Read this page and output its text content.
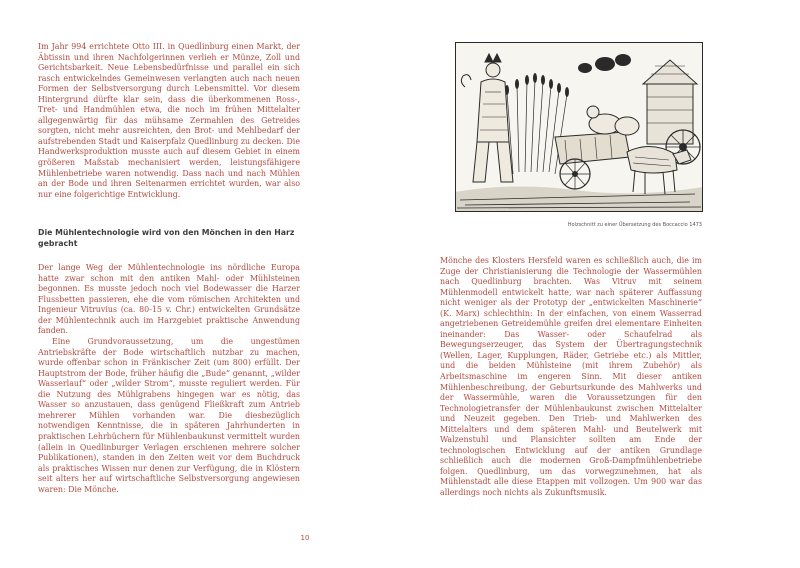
Im Jahr 994 errichtete Otto III. in Quedlinburg einen Markt, der Äbtissin und ihren Nachfolgerinnen verlieh er Münze, Zoll und Gerichtsbarkeit. Neue Lebensbedürfnisse und parallel ein sich rasch entwickelndes Gemeinwesen verlangten auch nach neuen Formen der Selbstversorgung durch Lebensmittel. Vor diesem Hintergrund dürfte klar sein, dass die überkommenen Ross-, Tret- und Handmühlen etwa, die noch im frühen Mittelalter allgegenwärtig für das mühsame Zermahlen des Getreides sorgten, nicht mehr ausreichten, den Brot- und Mehlbedarf der aufstrebenden Stadt und Kaiserpfalz Quedlinburg zu decken. Die Handwerksproduktion musste auch auf diesem Gebiet in einem größeren Maßstab mechanisiert werden, leistungsfähigere Mühlenbetriebe waren notwendig. Dass nach und nach Mühlen an der Bode und ihren Seitenarmen errichtet wurden, war also nur eine folgerichtige Entwicklung.

Die Mühlentechnologie wird von den Mönchen in den Harz gebracht

Der lange Weg der Mühlentechnologie ins nördliche Europa hatte zwar schon mit den antiken Mahl- oder Mühlsteinen begonnen. Es musste jedoch noch viel Bodewasser die Harzer Flussbetten passieren, ehe die vom römischen Architekten und Ingenieur Vitruvius (ca. 80-15 v. Chr.) entwickelten Grundsätze der Mühlentechnik auch im Harzgebiet praktische Anwendung fanden.

Eine Grundvoraussetzung, um die ungestümen Antriebskräfte der Bode wirtschaftlich nutzbar zu machen, wurde offenbar schon in Fränkischer Zeit (um 800) erfüllt. Der Hauptstrom der Bode, früher häufig die „Bude“ genannt, „wilder Wasserlauf“ oder „wilder Strom“, musste reguliert werden. Für die Nutzung des Mühlgrabens hingegen war es nötig, das Wasser so anzustauen, dass genügend Fließkraft zum Antrieb mehrerer Mühlen vorhanden war. Die diesbezüglich notwendigen Kenntnisse, die in späteren Jahrhunderten in praktischen Lehrbüchern für Mühlenbaukunst vermittelt wurden (allein in Quedlinburger Verlagen erschienen mehrere solcher Publikationen), standen in den Zeiten weit vor dem Buchdruck als praktisches Wissen nur denen zur Verfügung, die in Klöstern seit alters her auf wirtschaftliche Selbstversorgung angewiesen waren: Die Mönche.

Holzschnitt zu einer Übersetzung des Boccaccio 1473

Mönche des Klosters Hersfeld waren es schließlich auch, die im Zuge der Christianisierung die Technologie der Wassermühlen nach Quedlinburg brachten. Was Vitruv mit seinem Mühlenmodell entwickelt hatte, war nach späterer Auffassung nicht weniger als der Prototyp der „entwickelten Maschinerie“ (K. Marx) schlechthin: In der einfachen, von einem Wasserrad angetriebenen Getreidemühle greifen drei elementare Einheiten ineinander: Das Wasser- oder Schaufelrad als Bewegungserzeuger, das System der Übertragungstechnik (Wellen, Lager, Kupplungen, Räder, Getriebe etc.) als Mittler, und die beiden Mühlsteine (mit ihrem Zubehör) als Arbeitsmaschine im engeren Sinn. Mit dieser antiken Mühlenbeschreibung, der Geburtsurkunde des Mahlwerks und der Wassermühle, waren die Voraussetzungen für den Technologietransfer der Mühlenbaukunst zwischen Mittelalter und Neuzeit gegeben. Den Trieb- und Mahlwerken des Mittelalters und dem späteren Mahl- und Beutelwerk mit Walzenstuhl und Plansichter sollten am Ende der technologischen Entwicklung auf der antiken Grundlage schließlich auch die modernen Groß-Dampfmühlenbetriebe folgen. Quedlinburg, um das vorwegzunehmen, hat als Mühlenstadt alle diese Etappen mit vollzogen. Um 900 war das allerdings noch nichts als Zukunftsmusik.

10
